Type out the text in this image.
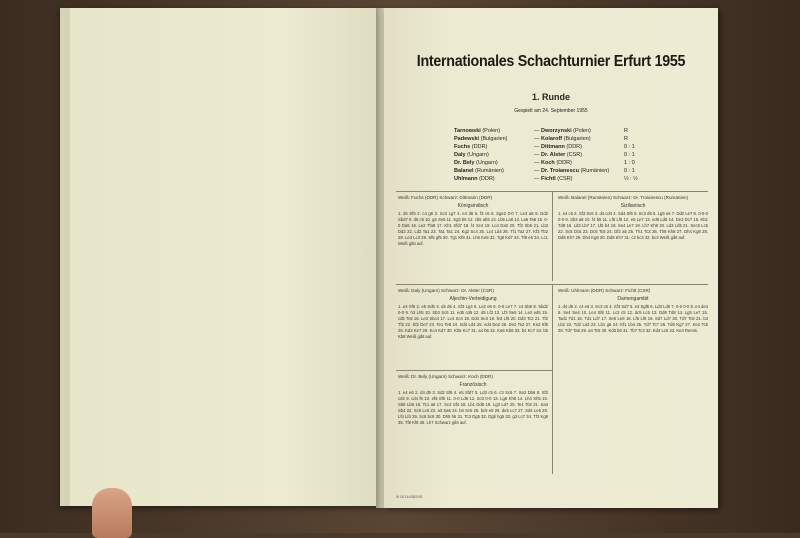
Internationales Schachturnier Erfurt 1955
1. Runde
Gespielt am 24. September 1955
Tarnowski (Polen)	— Dworzynski (Polen)	R
Padewski (Bulgarien)	— Kolaroff (Bulgarien)	R
Fuchs (DDR)	— Dittmann (DDR)	0 : 1
Daly (Ungarn)	— Dr. Alster (CSR)	0 : 1
Dr. Bely (Ungarn)	— Koch (DDR)	1 : 0
Balanel (Rumänien)	— Dr. Troianescu (Rumänien)	0 : 1
Uhlmann (DDR)	— Fichtl (CSR)	½ : ½
Weiß: Fuchs (DDR) Schwarz: Dittmann (DDR)
Königsindisch
1. d4 Sf6 2. c4 g6 3. Sc3 Lg7 4. e4 d6 5. f3 c6 6. Sge2 0-0 7. Le3 a6 8. Dd2 Sbd7 9. d5 c5 10. g4 Se5 11. Sg3 b5 12. cb5 ab5 13. Lb5 La6 14. La6 Ta6 15. 0-0 Da5 16. Le2 Tfa8 17. Kh1 Sfd7 18. f4 Sc4 19. Lc4 Da2 20. Tf2 Sb6 21. Lb3 Dd2 22. Ld2 Ta1 23. Ta1 Ta1 24. Kg2 Sc4 25. Lc4 Ld4 26. Tf1 Ta2 27. Kf3 Tb2 28. Le3 Lc3 29. Sf5 gf5 30. Tg1 Kf8 31. Lh6 Ke8 32. Tg8 Kd7 33. Tf8 e6 34. Lc1 Weiß gibt auf.
Weiß: Balanel (Rumänien) Schwarz: Dr. Troianescu (Rumänien)
Sizilianisch
1. e4 c5 2. Sf3 Sc6 3. d4 cd4 4. Sd4 Sf6 5. Sc3 d6 6. Lg5 e6 7. Dd2 Le7 8. 0-0-0 0-0 9. Sb3 a6 10. f4 b5 11. Lf6 Lf6 12. e5 Le7 13. ed6 Ld6 14. De3 Dc7 15. Kb1 Td8 16. Ld3 Lb7 17. Lf5 b4 18. Se4 Le7 19. Lh7 Kh8 20. Ld3 Ld5 21. Sec5 Lc5 22. Sc5 Dc5 23. Dc5 Tc8 24. Df2 a5 25. Th1 Tc3 26. Th8 Kh8 27. Dh4 Kg8 28. Dd8 Kh7 29. Dh4 Kg8 30. Dd8 Kh7 31. c3 bc3 32. bc3 Weiß gibt auf.
Weiß: Daly (Ungarn) Schwarz: Dr. Alster (CSR)
Aljechin-Verteidigung
1. e4 Sf6 2. e5 Sd5 3. d4 d6 4. Sf3 Lg4 5. Le2 e6 6. 0-0 Le7 7. c4 Sb6 8. Sbd2 0-0 9. h3 Lh5 10. Sb3 Sc6 11. ed6 cd6 12. d5 Lf3 13. Lf3 Se5 14. Le2 ed5 15. cd5 Tc8 16. Le3 Sbc4 17. Lc4 Sc4 18. Dd4 Se3 19. fe3 Lf6 20. Dd3 Tc2 21. Tf2 Tf2 22. Kf2 De7 23. Te1 Te8 24. Sd4 Ld4 25. ed4 De2 26. De2 Te2 27. Ke2 Kf8 28. Kd3 Ke7 29. Kc4 Kd7 30. Kb5 Kc7 31. a4 b6 32. Ka6 Kb8 33. b4 Kc7 34. b5 Kb8 Weiß gibt auf.
Weiß: Uhlmann (DDR) Schwarz: Fichtl (CSR)
Damengambit
1. d4 d5 2. c4 e6 3. Sc3 c6 4. Sf3 Sd7 5. e3 Sgf6 6. Ld3 Ld6 7. 0-0 0-0 8. e4 de4 9. Se4 Se4 10. Le4 Sf6 11. Lc2 c5 12. dc5 Lc5 13. Dd8 Td8 14. Lg5 Le7 15. Tad1 Td1 16. Td1 Ld7 17. Se5 Le8 18. Lf6 Lf6 19. Sd7 Ld7 20. Td7 Tc8 21. b3 Lb2 22. Td2 La3 23. Lb1 g6 24. Kf1 Lb4 25. Td7 Tc7 26. Td8 Kg7 27. Ke2 Tc5 28. Td7 Ta5 29. a4 Tc5 30. Kd3 b6 31. Tb7 Tc3 32. Kd4 Lc5 33. Ke4 Remis.
Weiß: Dr. Bely (Ungarn) Schwarz: Koch (DDR)
Französisch
1. e4 e6 2. d4 d5 3. Sd2 Sf6 4. e5 Sfd7 5. Ld3 c5 6. c3 Sc6 7. Se2 Db6 8. Sf3 cd4 9. cd4 f6 10. ef6 Sf6 11. 0-0 Ld6 12. Sc3 0-0 13. Lg5 Kh8 14. Lh4 Sh5 15. Sb5 Lb8 16. Tc1 a6 17. Sc3 Sf4 18. Lb1 Dd8 19. Lg3 Ld7 20. Te1 Tc8 21. Sa4 Sb4 22. Sc5 Lc6 23. a3 Sa6 24. b4 Sc5 25. bc5 e5 26. de5 Lc7 27. Sd4 Le5 28. Lf4 Lf4 29. Sc6 bc6 30. Dh5 h6 31. Tc3 Dg5 32. Dg5 hg5 33. g3 Lc7 34. Tf3 Kg8 35. Tf8 Kf8 36. Lh7 Schwarz gibt auf.
III 18 16 6383 55
